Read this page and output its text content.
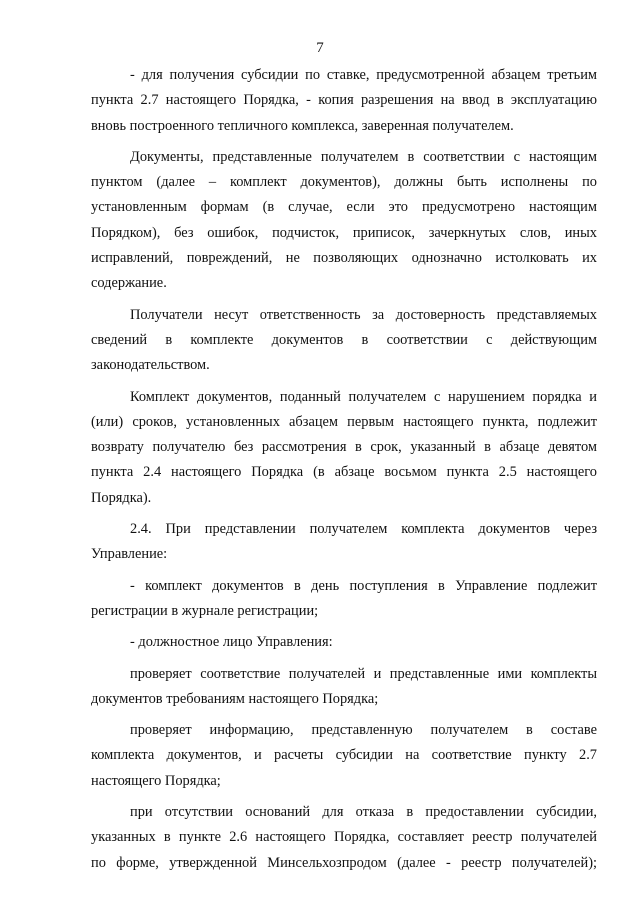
7
- для получения субсидии по ставке, предусмотренной абзацем третьим
пункта 2.7 настоящего Порядка, - копия разрешения на ввод в эксплуатацию
вновь построенного тепличного комплекса, заверенная получателем.
Документы, представленные получателем в соответствии с настоящим
пунктом (далее – комплект документов), должны быть исполнены по
установленным формам (в случае, если это предусмотрено настоящим
Порядком), без ошибок, подчисток, приписок, зачеркнутых слов, иных
исправлений, повреждений, не позволяющих однозначно истолковать их
содержание.
Получатели несут ответственность за достоверность представляемых
сведений в комплекте документов в соответствии с действующим
законодательством.
Комплект документов, поданный получателем с нарушением порядка и
(или) сроков, установленных абзацем первым настоящего пункта, подлежит
возврату получателю без рассмотрения в срок, указанный в абзаце девятом
пункта 2.4 настоящего Порядка (в абзаце восьмом пункта 2.5 настоящего
Порядка).
2.4. При представлении получателем комплекта документов через
Управление:
- комплект документов в день поступления в Управление подлежит
регистрации в журнале регистрации;
- должностное лицо Управления:
проверяет соответствие получателей и представленные ими комплекты
документов требованиям настоящего Порядка;
проверяет информацию, представленную получателем в составе
комплекта документов, и расчеты субсидии на соответствие пункту 2.7
настоящего Порядка;
при отсутствии оснований для отказа в предоставлении субсидии,
указанных в пункте 2.6 настоящего Порядка, составляет реестр получателей
по форме, утвержденной Минсельхозпродом (далее - реестр получателей);
